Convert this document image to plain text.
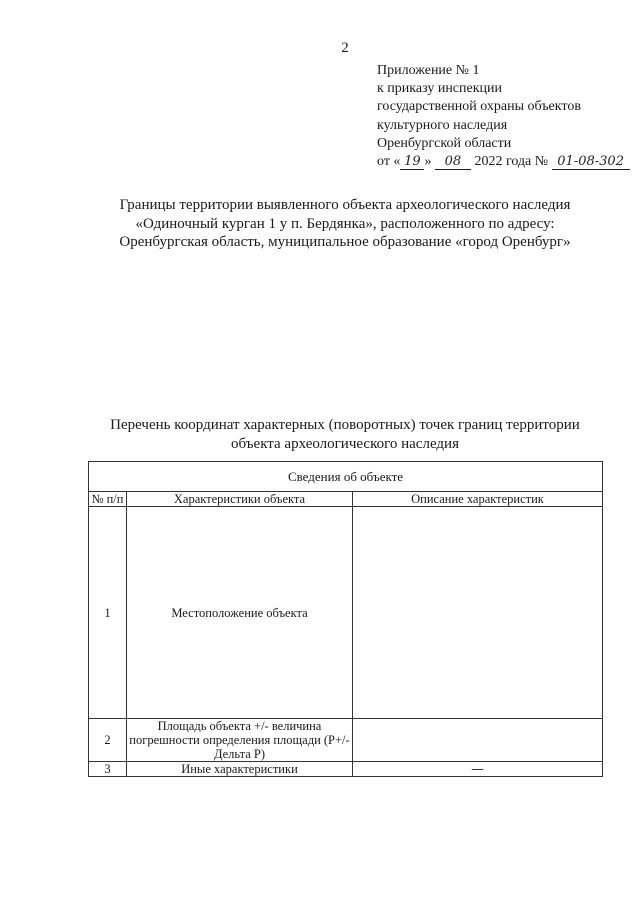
2
Приложение № 1
к приказу инспекции
государственной охраны объектов
культурного наследия
Оренбургской области
от « 19 » 08 2022 года № 01-08-302
Границы территории выявленного объекта археологического наследия
«Одиночный курган 1 у п. Бердянка», расположенного по адресу:
Оренбургская область, муниципальное образование «город Оренбург»
Перечень координат характерных (поворотных) точек границ территории
объекта археологического наследия
Сведения об объекте		
№ п/п	Характеристики объекта	Описание характеристик
1	Местоположение объекта	
2	Площадь объекта +/- величина погрешности определения площади (P+/- Дельта P)	
3	Иные характеристики	—
